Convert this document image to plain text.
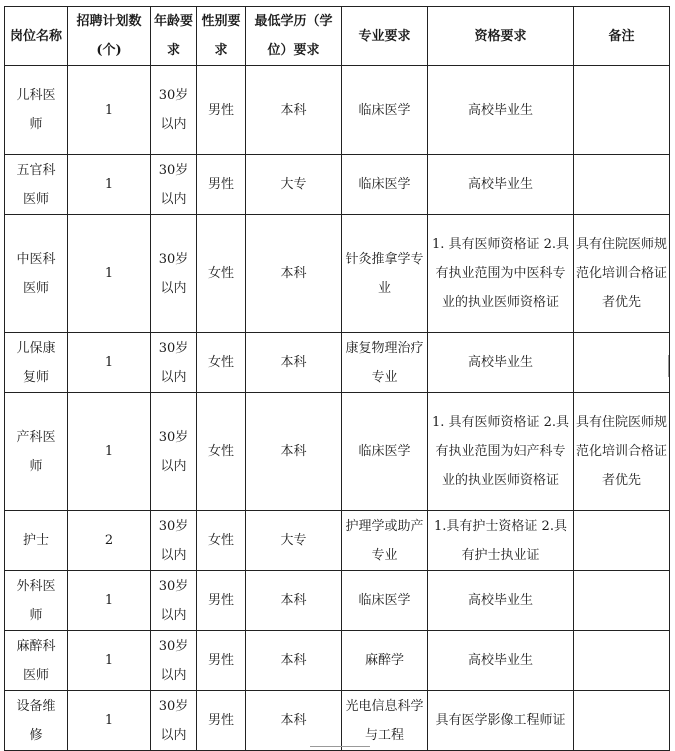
岗位名称	招聘计划数(个)	年龄要求	性别要求	最低学历（学位）要求	专业要求	资格要求	备注
儿科医师	1	30岁以内	男性	本科	临床医学	高校毕业生	
五官科医师	1	30岁以内	男性	大专	临床医学	高校毕业生	
中医科医师	1	30岁以内	女性	本科	针灸推拿学专业	1. 具有医师资格证 2.具有执业范围为中医科专业的执业医师资格证	具有住院医师规范化培训合格证者优先
儿保康复师	1	30岁以内	女性	本科	康复物理治疗专业	高校毕业生	
产科医师	1	30岁以内	女性	本科	临床医学	1. 具有医师资格证 2.具有执业范围为妇产科专业的执业医师资格证	具有住院医师规范化培训合格证者优先
护士	2	30岁以内	女性	大专	护理学或助产专业	1.具有护士资格证 2.具有护士执业证	
外科医师	1	30岁以内	男性	本科	临床医学	高校毕业生	
麻醉科医师	1	30岁以内	男性	本科	麻醉学	高校毕业生	
设备维修	1	30岁以内	男性	本科	光电信息科学与工程	具有医学影像工程师证	
